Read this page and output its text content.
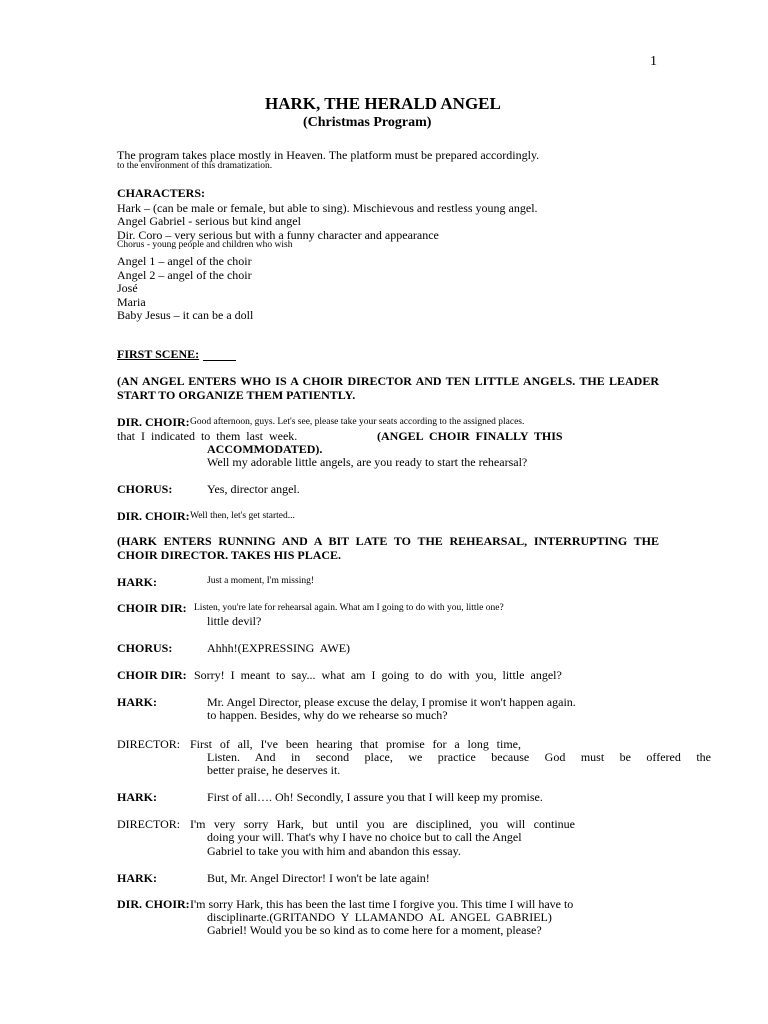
1
HARK, THE HERALD ANGEL
(Christmas Program)
The program takes place mostly in Heaven. The platform must be prepared accordingly.
to the environment of this dramatization.
CHARACTERS:
Hark – (can be male or female, but able to sing). Mischievous and restless young angel.
Angel Gabriel - serious but kind angel
Dir. Coro – very serious but with a funny character and appearance
Chorus - young people and children who wish
Angel 1 – angel of the choir
Angel 2 – angel of the choir
José
Maria
Baby Jesus – it can be a doll
FIRST SCENE:
(AN ANGEL ENTERS WHO IS A CHOIR DIRECTOR AND TEN LITTLE ANGELS. THE LEADER START TO ORGANIZE THEM PATIENTLY.
DIR. CHOIR: Good afternoon, guys. Let's see, please take your seats according to the assigned places.
that  I  indicated  to  them  last  week.	(ANGEL  CHOIR  FINALLY  THIS
ACCOMMODATED).
Well my adorable little angels, are you ready to start the rehearsal?
CHORUS:	Yes, director angel.
DIR. CHOIR: Well then, let's get started...
(HARK ENTERS RUNNING AND A BIT LATE TO THE REHEARSAL, INTERRUPTING THE CHOIR DIRECTOR. TAKES HIS PLACE.
HARK:	Just a moment, I'm missing!
CHOIR DIR: Listen, you're late for rehearsal again. What am I going to do with you, little one?
little devil?
CHORUS:	Ahhh!(EXPRESSING  AWE)
CHOIR DIR: Sorry!  I  meant  to  say...  what  am  I  going  to  do  with  you,  little  angel?
HARK:	Mr. Angel Director, please excuse the delay, I promise it won't happen again.
to happen. Besides, why do we rehearse so much?
DIRECTOR: First of all, I've been hearing that promise for a long time,
Listen. And in second place, we practice because God must be offered the
better praise, he deserves it.
HARK:	First of all…. Oh! Secondly, I assure you that I will keep my promise.
DIRECTOR: I'm very sorry Hark, but until you are disciplined, you will continue
doing your will. That's why I have no choice but to call the Angel
Gabriel to take you with him and abandon this essay.
HARK:	But, Mr. Angel Director! I won't be late again!
DIR. CHOIR: I'm sorry Hark, this has been the last time I forgive you. This time I will have to
disciplinarte.(GRITANDO  Y  LLAMANDO  AL  ANGEL  GABRIEL)
Gabriel! Would you be so kind as to come here for a moment, please?
